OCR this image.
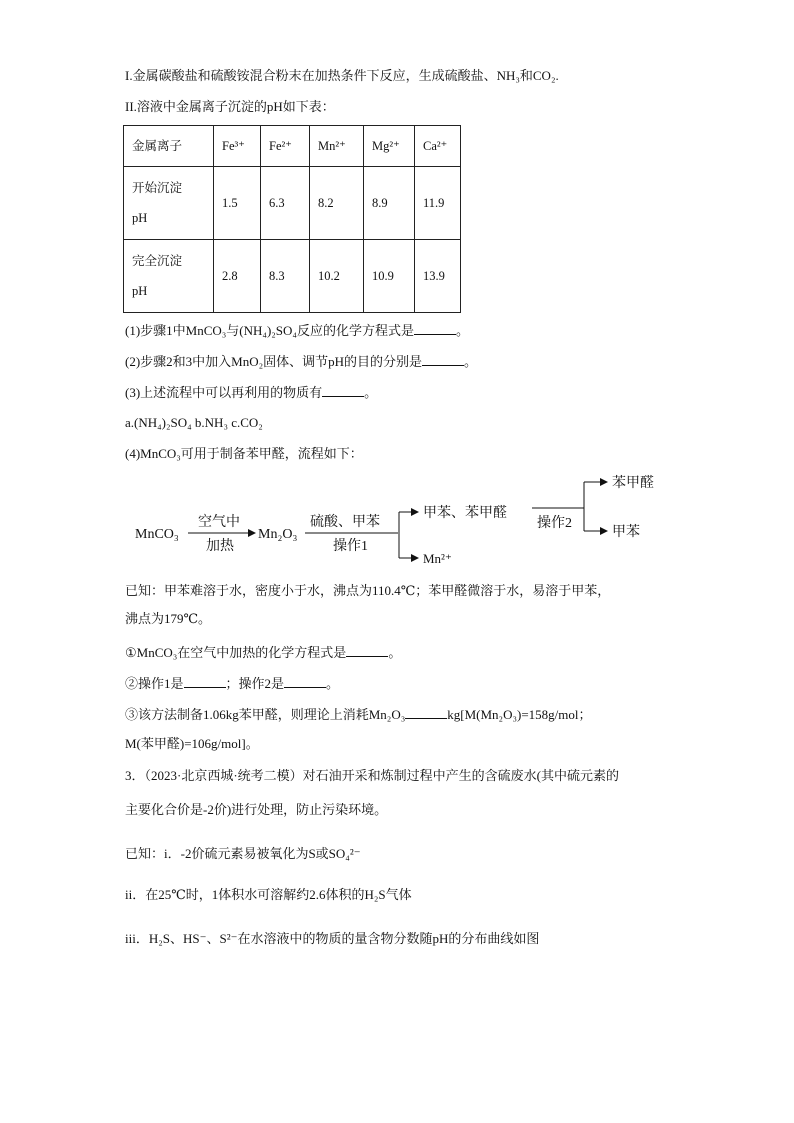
I.金属碳酸盐和硫酸铵混合粉末在加热条件下反应，生成硫酸盐、NH₃和CO₂.
II.溶液中金属离子沉淀的pH如下表：
金属离子	Fe³⁺	Fe²⁺	Mn²⁺	Mg²⁺	Ca²⁺
开始沉淀
pH	1.5	6.3	8.2	8.9	11.9
完全沉淀
pH	2.8	8.3	10.2	10.9	13.9
(1)步骤1中MnCO₃与(NH₄)₂SO₄反应的化学方程式是	。
(2)步骤2和3中加入MnO₂固体、调节pH的目的分别是	。
(3)上述流程中可以再利用的物质有	。
a.(NH₄)₂SO₄ b.NH₃ c.CO₂
(4)MnCO₃可用于制备苯甲醛，流程如下：
MnCO₃
空气中
加热
Mn₂O₃
硫酸、甲苯
操作1
甲苯、苯甲醛
Mn²⁺
操作2
苯甲醛
甲苯
已知：甲苯难溶于水，密度小于水，沸点为110.4℃；苯甲醛微溶于水，易溶于甲苯，
沸点为179℃。
①MnCO₃在空气中加热的化学方程式是	。
②操作1是	；操作2是	。
③该方法制备1.06kg苯甲醛，则理论上消耗Mn₂O₃	kg[M(Mn₂O₃)=158g/mol；
M(苯甲醛)=106g/mol]。
3．（2023·北京西城·统考二模）对石油开采和炼制过程中产生的含硫废水(其中硫元素的
主要化合价是-2价)进行处理，防止污染环境。
已知：i．-2价硫元素易被氧化为S或SO₄²⁻
ii．在25℃时，1体积水可溶解约2.6体积的H₂S气体
iii．H₂S、HS⁻、S²⁻在水溶液中的物质的量含物分数随pH的分布曲线如图
